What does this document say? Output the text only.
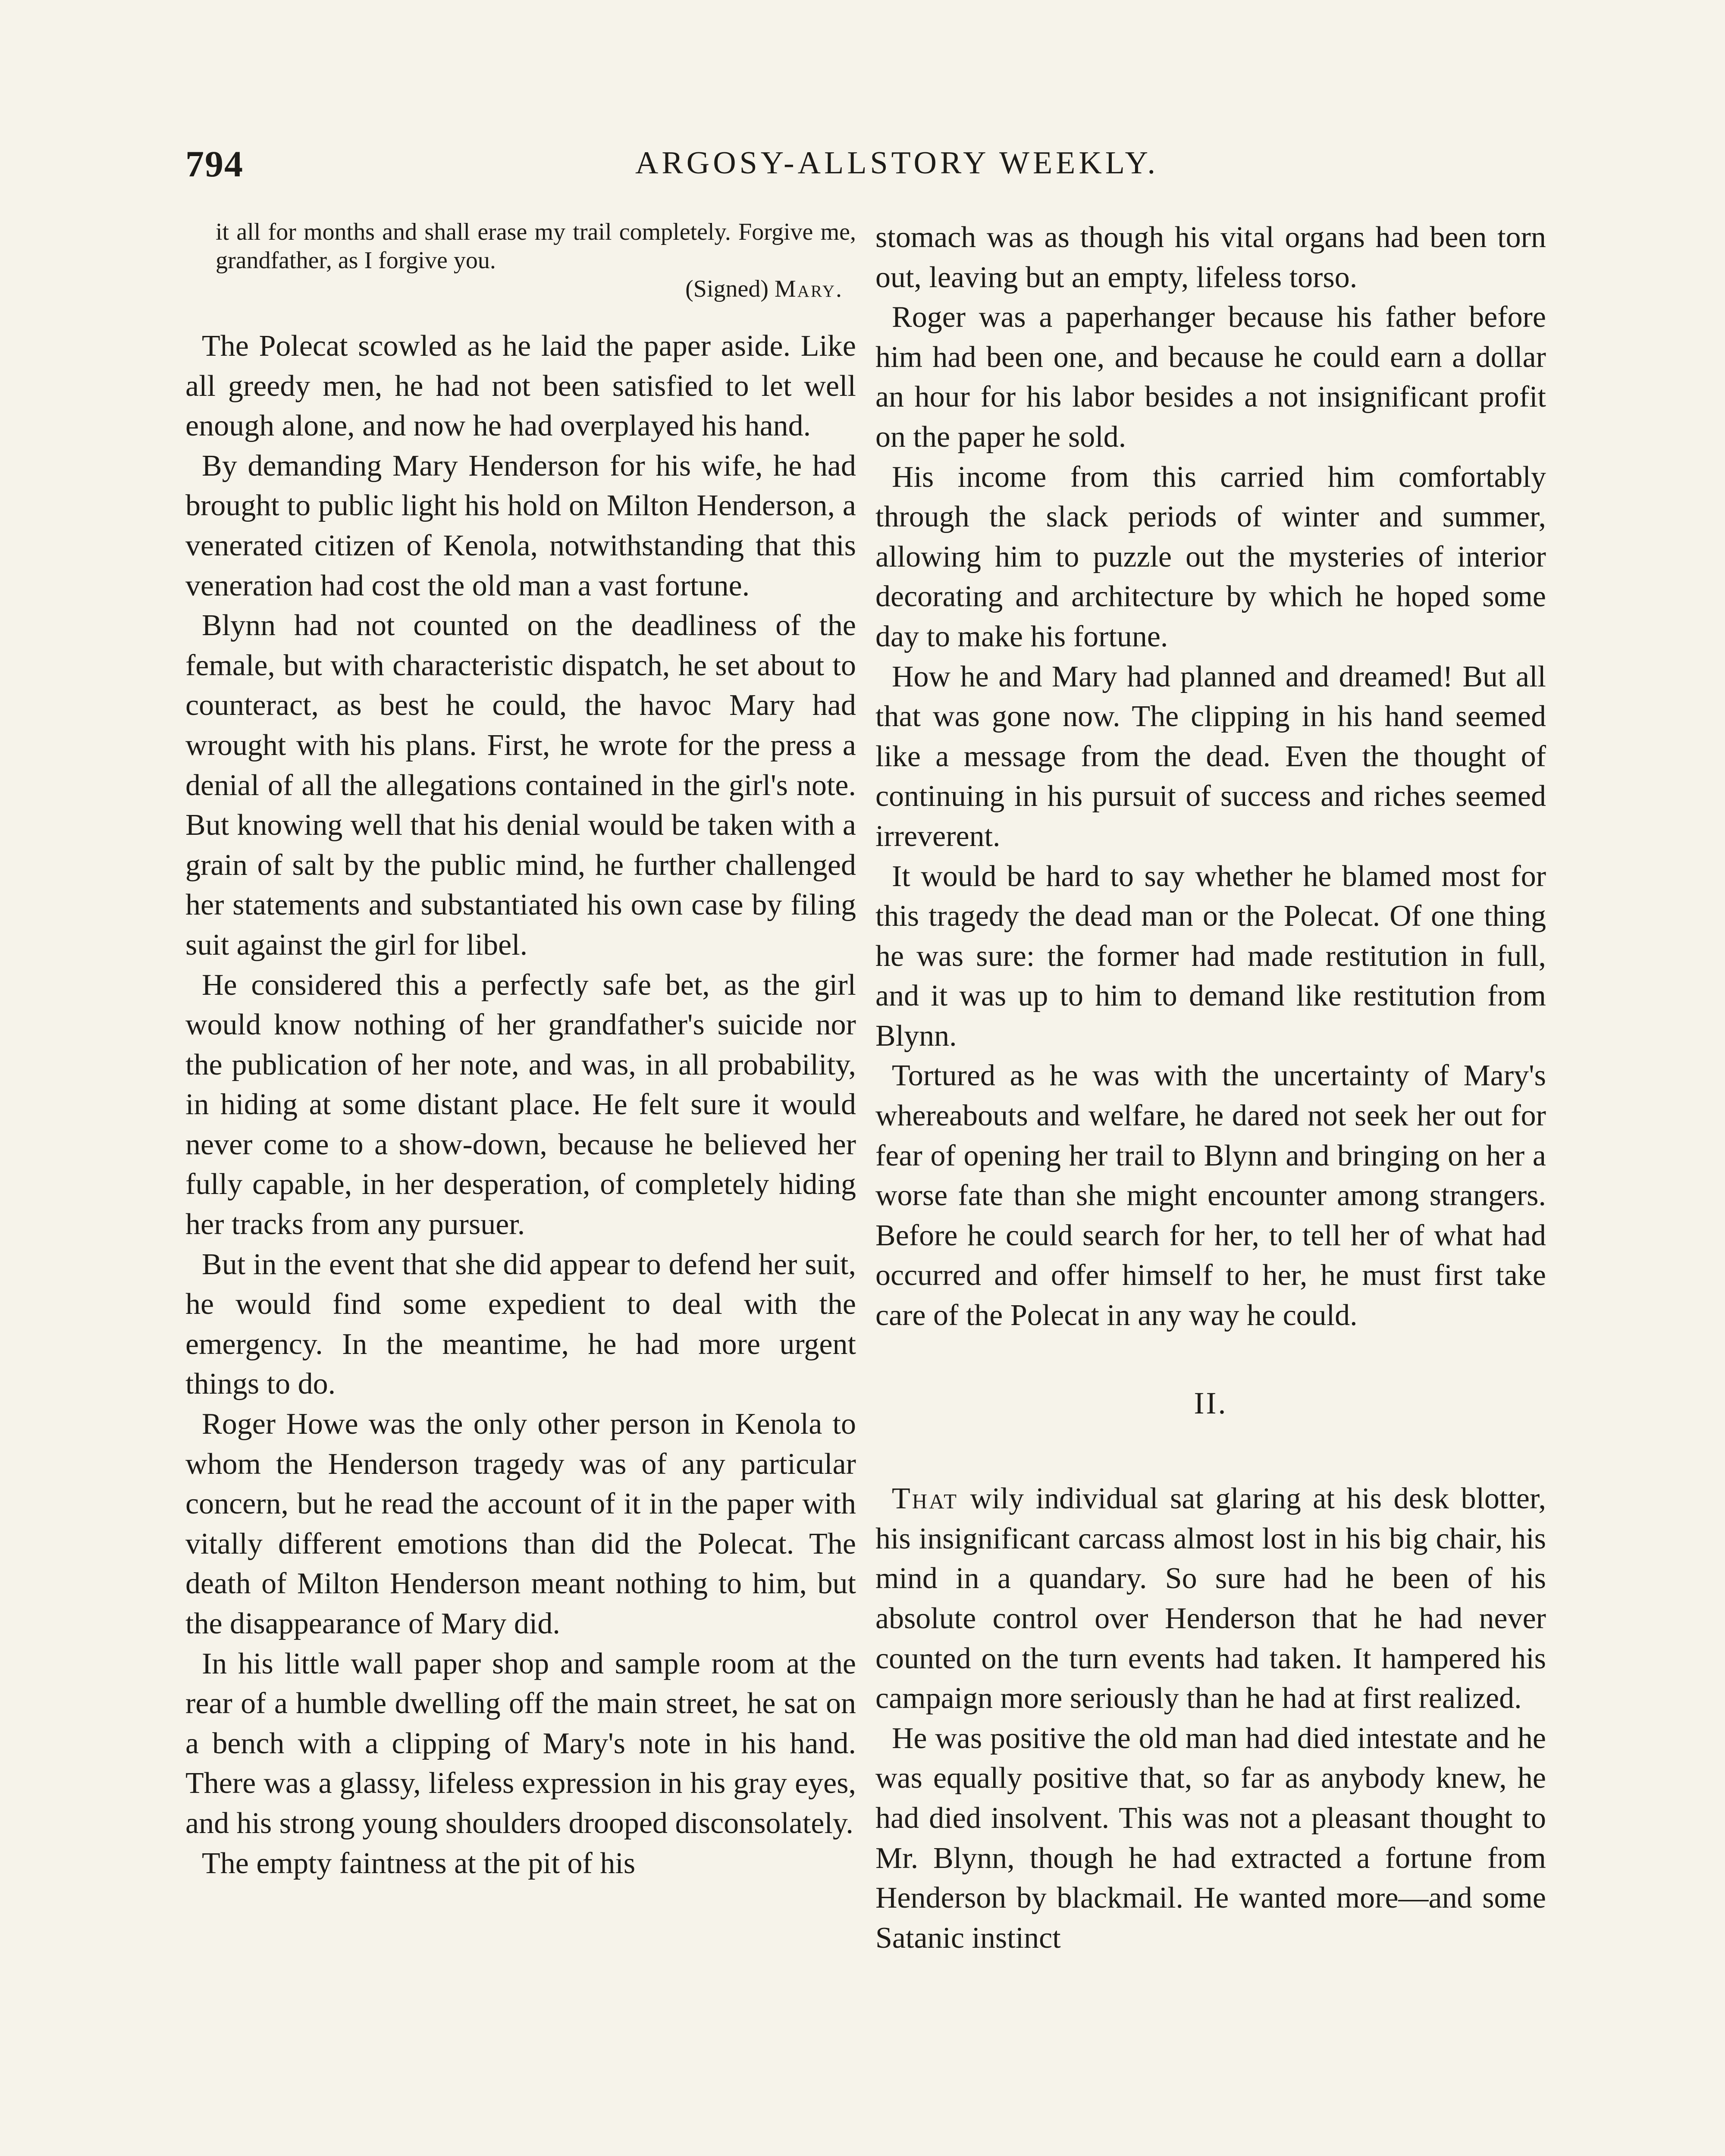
794	ARGOSY-ALLSTORY WEEKLY.

it all for months and shall erase my trail completely. Forgive me, grandfather, as I forgive you.

(Signed) Mary.

The Polecat scowled as he laid the paper aside. Like all greedy men, he had not been satisfied to let well enough alone, and now he had overplayed his hand.

By demanding Mary Henderson for his wife, he had brought to public light his hold on Milton Henderson, a venerated citizen of Kenola, notwithstanding that this veneration had cost the old man a vast fortune.

Blynn had not counted on the deadliness of the female, but with characteristic dispatch, he set about to counteract, as best he could, the havoc Mary had wrought with his plans. First, he wrote for the press a denial of all the allegations contained in the girl's note. But knowing well that his denial would be taken with a grain of salt by the public mind, he further challenged her statements and substantiated his own case by filing suit against the girl for libel.

He considered this a perfectly safe bet, as the girl would know nothing of her grandfather's suicide nor the publication of her note, and was, in all probability, in hiding at some distant place. He felt sure it would never come to a show-down, because he believed her fully capable, in her desperation, of completely hiding her tracks from any pursuer.

But in the event that she did appear to defend her suit, he would find some expedient to deal with the emergency. In the meantime, he had more urgent things to do.

Roger Howe was the only other person in Kenola to whom the Henderson tragedy was of any particular concern, but he read the account of it in the paper with vitally different emotions than did the Polecat. The death of Milton Henderson meant nothing to him, but the disappearance of Mary did.

In his little wall paper shop and sample room at the rear of a humble dwelling off the main street, he sat on a bench with a clipping of Mary's note in his hand. There was a glassy, lifeless expression in his gray eyes, and his strong young shoulders drooped disconsolately.

The empty faintness at the pit of his

stomach was as though his vital organs had been torn out, leaving but an empty, lifeless torso.

Roger was a paperhanger because his father before him had been one, and because he could earn a dollar an hour for his labor besides a not insignificant profit on the paper he sold.

His income from this carried him comfortably through the slack periods of winter and summer, allowing him to puzzle out the mysteries of interior decorating and architecture by which he hoped some day to make his fortune.

How he and Mary had planned and dreamed! But all that was gone now. The clipping in his hand seemed like a message from the dead. Even the thought of continuing in his pursuit of success and riches seemed irreverent.

It would be hard to say whether he blamed most for this tragedy the dead man or the Polecat. Of one thing he was sure: the former had made restitution in full, and it was up to him to demand like restitution from Blynn.

Tortured as he was with the uncertainty of Mary's whereabouts and welfare, he dared not seek her out for fear of opening her trail to Blynn and bringing on her a worse fate than she might encounter among strangers. Before he could search for her, to tell her of what had occurred and offer himself to her, he must first take care of the Polecat in any way he could.

II.

That wily individual sat glaring at his desk blotter, his insignificant carcass almost lost in his big chair, his mind in a quandary. So sure had he been of his absolute control over Henderson that he had never counted on the turn events had taken. It hampered his campaign more seriously than he had at first realized.

He was positive the old man had died intestate and he was equally positive that, so far as anybody knew, he had died insolvent. This was not a pleasant thought to Mr. Blynn, though he had extracted a fortune from Henderson by blackmail. He wanted more—and some Satanic instinct
